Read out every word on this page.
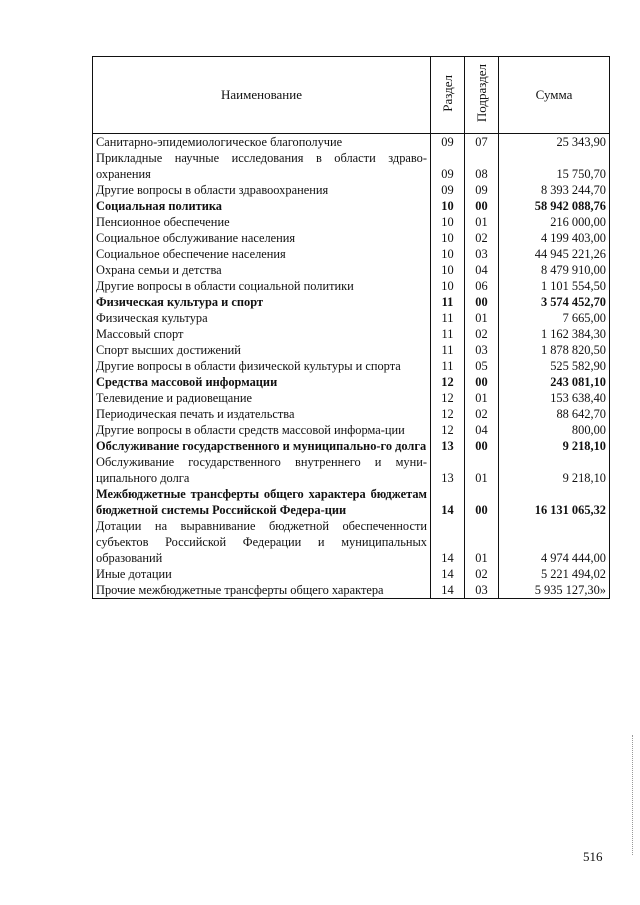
Наименование	Раздел	Подраздел	Сумма
Санитарно-эпидемиологическое благополучие	09	07	25 343,90
Прикладные научные исследования в области здраво-охранения	09	08	15 750,70
Другие вопросы в области здравоохранения	09	09	8 393 244,70
Социальная политика	10	00	58 942 088,76
Пенсионное обеспечение	10	01	216 000,00
Социальное обслуживание населения	10	02	4 199 403,00
Социальное обеспечение населения	10	03	44 945 221,26
Охрана семьи и детства	10	04	8 479 910,00
Другие вопросы в области социальной политики	10	06	1 101 554,50
Физическая культура и спорт	11	00	3 574 452,70
Физическая культура	11	01	7 665,00
Массовый спорт	11	02	1 162 384,30
Спорт высших достижений	11	03	1 878 820,50
Другие вопросы в области физической культуры и спорта	11	05	525 582,90
Средства массовой информации	12	00	243 081,10
Телевидение и радиовещание	12	01	153 638,40
Периодическая печать и издательства	12	02	88 642,70
Другие вопросы в области средств массовой информа-ции	12	04	800,00
Обслуживание государственного и муниципально-го долга	13	00	9 218,10
Обслуживание государственного внутреннего и муни-ципального долга	13	01	9 218,10
Межбюджетные трансферты общего характера бюджетам бюджетной системы Российской Федера-ции	14	00	16 131 065,32
Дотации на выравнивание бюджетной обеспеченности субъектов Российской Федерации и муниципальных образований	14	01	4 974 444,00
Иные дотации	14	02	5 221 494,02
Прочие межбюджетные трансферты общего характера	14	03	5 935 127,30»
516
